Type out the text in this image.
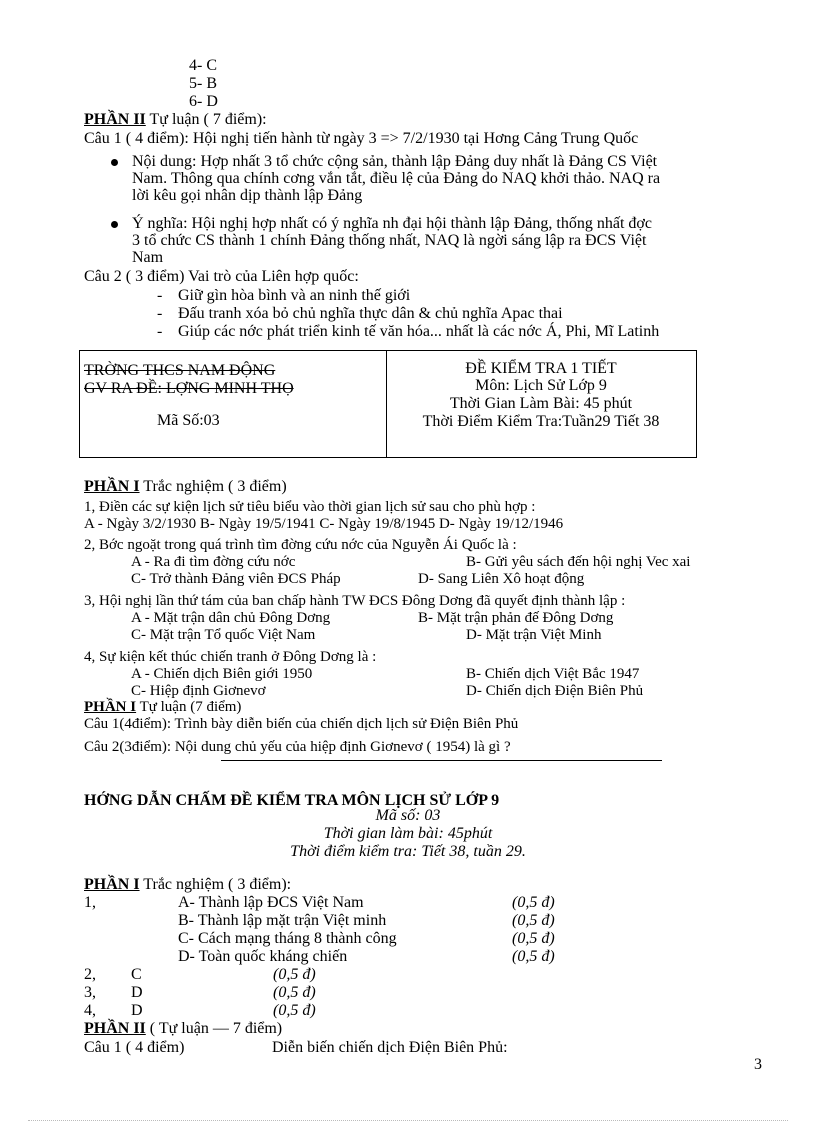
4- C
5- B
6- D
PHẦN II Tự luận ( 7 điểm):
Câu 1 ( 4 điểm): Hội nghị tiến hành từ ngày 3 => 7/2/1930 tại Hơng Cảng Trung Quốc
Nội dung: Hợp nhất 3 tổ chức cộng sản, thành lập Đảng duy nhất là Đảng CS Việt
Nam. Thông qua chính cơng vắn tắt, điều lệ của Đảng do NAQ khởi thảo. NAQ ra
lời kêu gọi nhân dịp thành lập Đảng
Ý nghĩa: Hội nghị hợp nhất có ý nghĩa nh đại hội thành lập Đảng, thống nhất đợc
3 tổ chức CS thành 1 chính Đảng thống nhất, NAQ là ngời sáng lập ra ĐCS Việt
Nam
Câu 2 ( 3 điểm) Vai trò của Liên hợp quốc:
- Giữ gìn hòa bình và an ninh thế giới
- Đấu tranh xóa bỏ chủ nghĩa thực dân & chủ nghĩa Apac thai
- Giúp các nớc phát triển kinh tế văn hóa... nhất là các nớc Á, Phi, Mĩ Latinh
TRỜNG THCS NAM ĐỘNG
GV RA ĐỀ: LỢNG MINH THỌ
Mã Số:03
ĐỀ KIỂM TRA 1 TIẾT
Môn: Lịch Sử Lớp 9
Thời Gian Làm Bài: 45 phút
Thời Điểm Kiểm Tra:Tuần29 Tiết 38
PHẦN I Trắc nghiệm ( 3 điểm)
1, Điền các sự kiện lịch sử tiêu biểu vào thời gian lịch sử sau cho phù hợp :
A - Ngày 3/2/1930 B- Ngày 19/5/1941 C- Ngày 19/8/1945 D- Ngày 19/12/1946
2, Bớc ngoặt trong quá trình tìm đờng cứu nớc của Nguyễn Ái Quốc là :
A - Ra đi tìm đờng cứu nớc	B- Gửi yêu sách đến hội nghị Vec xai
C- Trở thành Đảng viên ĐCS Pháp	D- Sang Liên Xô hoạt động
3, Hội nghị lần thứ tám của ban chấp hành TW ĐCS Đông Dơng đã quyết định thành lập :
A - Mặt trận dân chủ Đông Dơng	B- Mặt trận phản đế Đông Dơng
C- Mặt trận Tổ quốc Việt Nam	D- Mặt trận Việt Minh
4, Sự kiện kết thúc chiến tranh ở Đông Dơng là :
A - Chiến dịch Biên giới 1950	B- Chiến dịch Việt Bắc 1947
C- Hiệp định Giơnevơ	D- Chiến dịch Điện Biên Phủ
PHẦN I Tự luận (7 điểm)
Câu 1(4điểm): Trình bày diễn biến của chiến dịch lịch sử Điện Biên Phủ
Câu 2(3điểm): Nội dung chủ yếu của hiệp định Giơnevơ ( 1954) là gì ?
HỚNG DẪN CHẤM ĐỀ KIỂM TRA MÔN LỊCH SỬ LỚP 9
Mã số: 03
Thời gian làm bài: 45phút
Thời điểm kiểm tra: Tiết 38, tuần 29.
PHẦN I Trắc nghiệm ( 3 điểm):
1,	A- Thành lập ĐCS Việt Nam	(0,5 đ)
B- Thành lập mặt trận Việt minh	(0,5 đ)
C- Cách mạng tháng 8 thành công	(0,5 đ)
D- Toàn quốc kháng chiến	(0,5 đ)
2, C	(0,5 đ)
3, D	(0,5 đ)
4, D	(0,5 đ)
PHẦN II ( Tự luận — 7 điểm)
Câu 1 ( 4 điểm)	Diễn biến chiến dịch Điện Biên Phủ:
3
